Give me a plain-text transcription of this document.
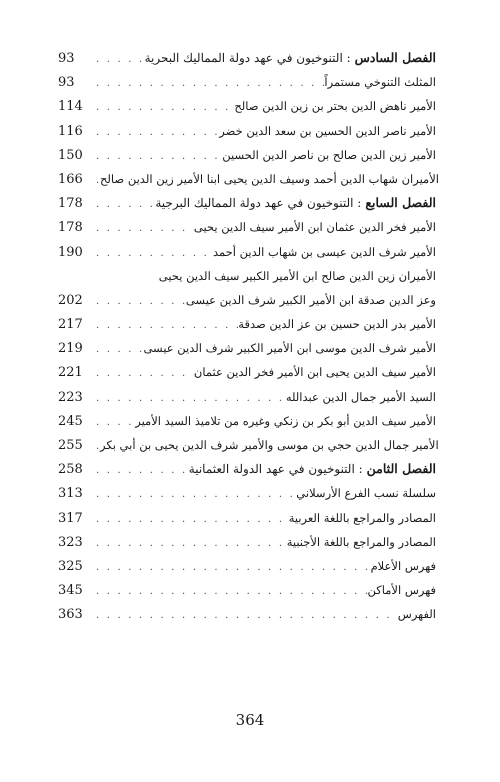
93 . . .	الفصل السادس
: التنوخيون في عهد دولة المماليك البحرية
93 . . .	المثلث التنوخي مستمراً
114 . . .	الأمير ناهض الدين بحتر بن زين الدين صالح
116 . . .	الأمير ناصر الدين الحسين بن سعد الدين خضر
150 . . .	الأمير زين الدين صالح بن ناصر الدين الحسين
166 . . .	الأميران شهاب الدين أحمد وسيف الدين يحيى ابنا الأمير زين الدين صالح
178 . . .	الفصل السابع
: التنوخيون في عهد دولة المماليك البرجية
178 . . .	الأمير فخر الدين عثمان ابن الأمير سيف الدين يحيى
190 . . .	الأمير شرف الدين عيسى بن شهاب الدين أحمد
الأميران زين الدين صالح ابن الأمير الكبير سيف الدين يحيى
202 . . .	وعز الدين صدقة ابن الأمير الكبير شرف الدين عيسى
217 . . .	الأمير بدر الدين حسين بن عز الدين صدقة
219 . . .	الأمير شرف الدين موسى ابن الأمير الكبير شرف الدين عيسى
221 . . .	الأمير سيف الدين يحيى ابن الأمير فخر الدين عثمان
223 . . .	السيد الأمير جمال الدين عبدالله
245 . . .	الأمير سيف الدين أبو بكر بن زنكي وغيره من تلاميذ السيد الأمير
255 . . .	الأمير جمال الدين حجي بن موسى والأمير شرف الدين يحيى بن أبي بكر
258 . . .	الفصل الثامن
: التنوخيون في عهد الدولة العثمانية
313 . . .	سلسلة نسب الفرع الأرسلاني
317 . . .	المصادر والمراجع باللغة العربية
323 . . .	المصادر والمراجع باللغة الأجنبية
325 . . .	فهرس الأعلام
345 . . .	فهرس الأماكن
363 . . .	الفهرس
364
